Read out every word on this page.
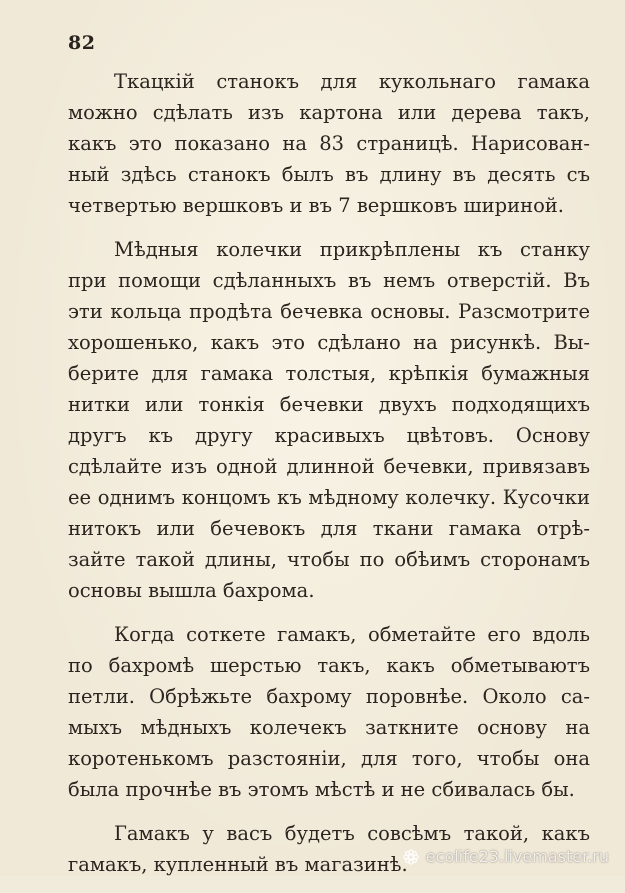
82

Ткацкій станокъ для кукольнаго гамака
можно сдѣлать изъ картона или дерева такъ,
какъ это показано на 83 страницѣ. Нарисован-
ный здѣсь станокъ былъ въ длину въ десять съ
четвертью вершковъ и въ 7 вершковъ шириной.

Мѣдныя колечки прикрѣплены къ станку
при помощи сдѣланныхъ въ немъ отверстій. Въ
эти кольца продѣта бечевка основы. Разсмотрите
хорошенько, какъ это сдѣлано на рисункѣ. Вы-
берите для гамака толстыя, крѣпкія бумажныя
нитки или тонкія бечевки двухъ подходящихъ
другъ къ другу красивыхъ цвѣтовъ. Основу
сдѣлайте изъ одной длинной бечевки, привязавъ
ее однимъ концомъ къ мѣдному колечку. Кусочки
нитокъ или бечевокъ для ткани гамака отрѣ-
зайте такой длины, чтобы по обѣимъ сторонамъ
основы вышла бахрома.

Когда соткете гамакъ, обметайте его вдоль
по бахромѣ шерстью такъ, какъ обметываютъ
петли. Обрѣжьте бахрому поровнѣе. Около са-
мыхъ мѣдныхъ колечекъ заткните основу на
коротенькомъ разстояніи, для того, чтобы она
была прочнѣе въ этомъ мѣстѣ и не сбивалась бы.

Гамакъ у васъ будетъ совсѣмъ такой, какъ
гамакъ, купленный въ магазинѣ.	ecolife23.livemaster.ru
